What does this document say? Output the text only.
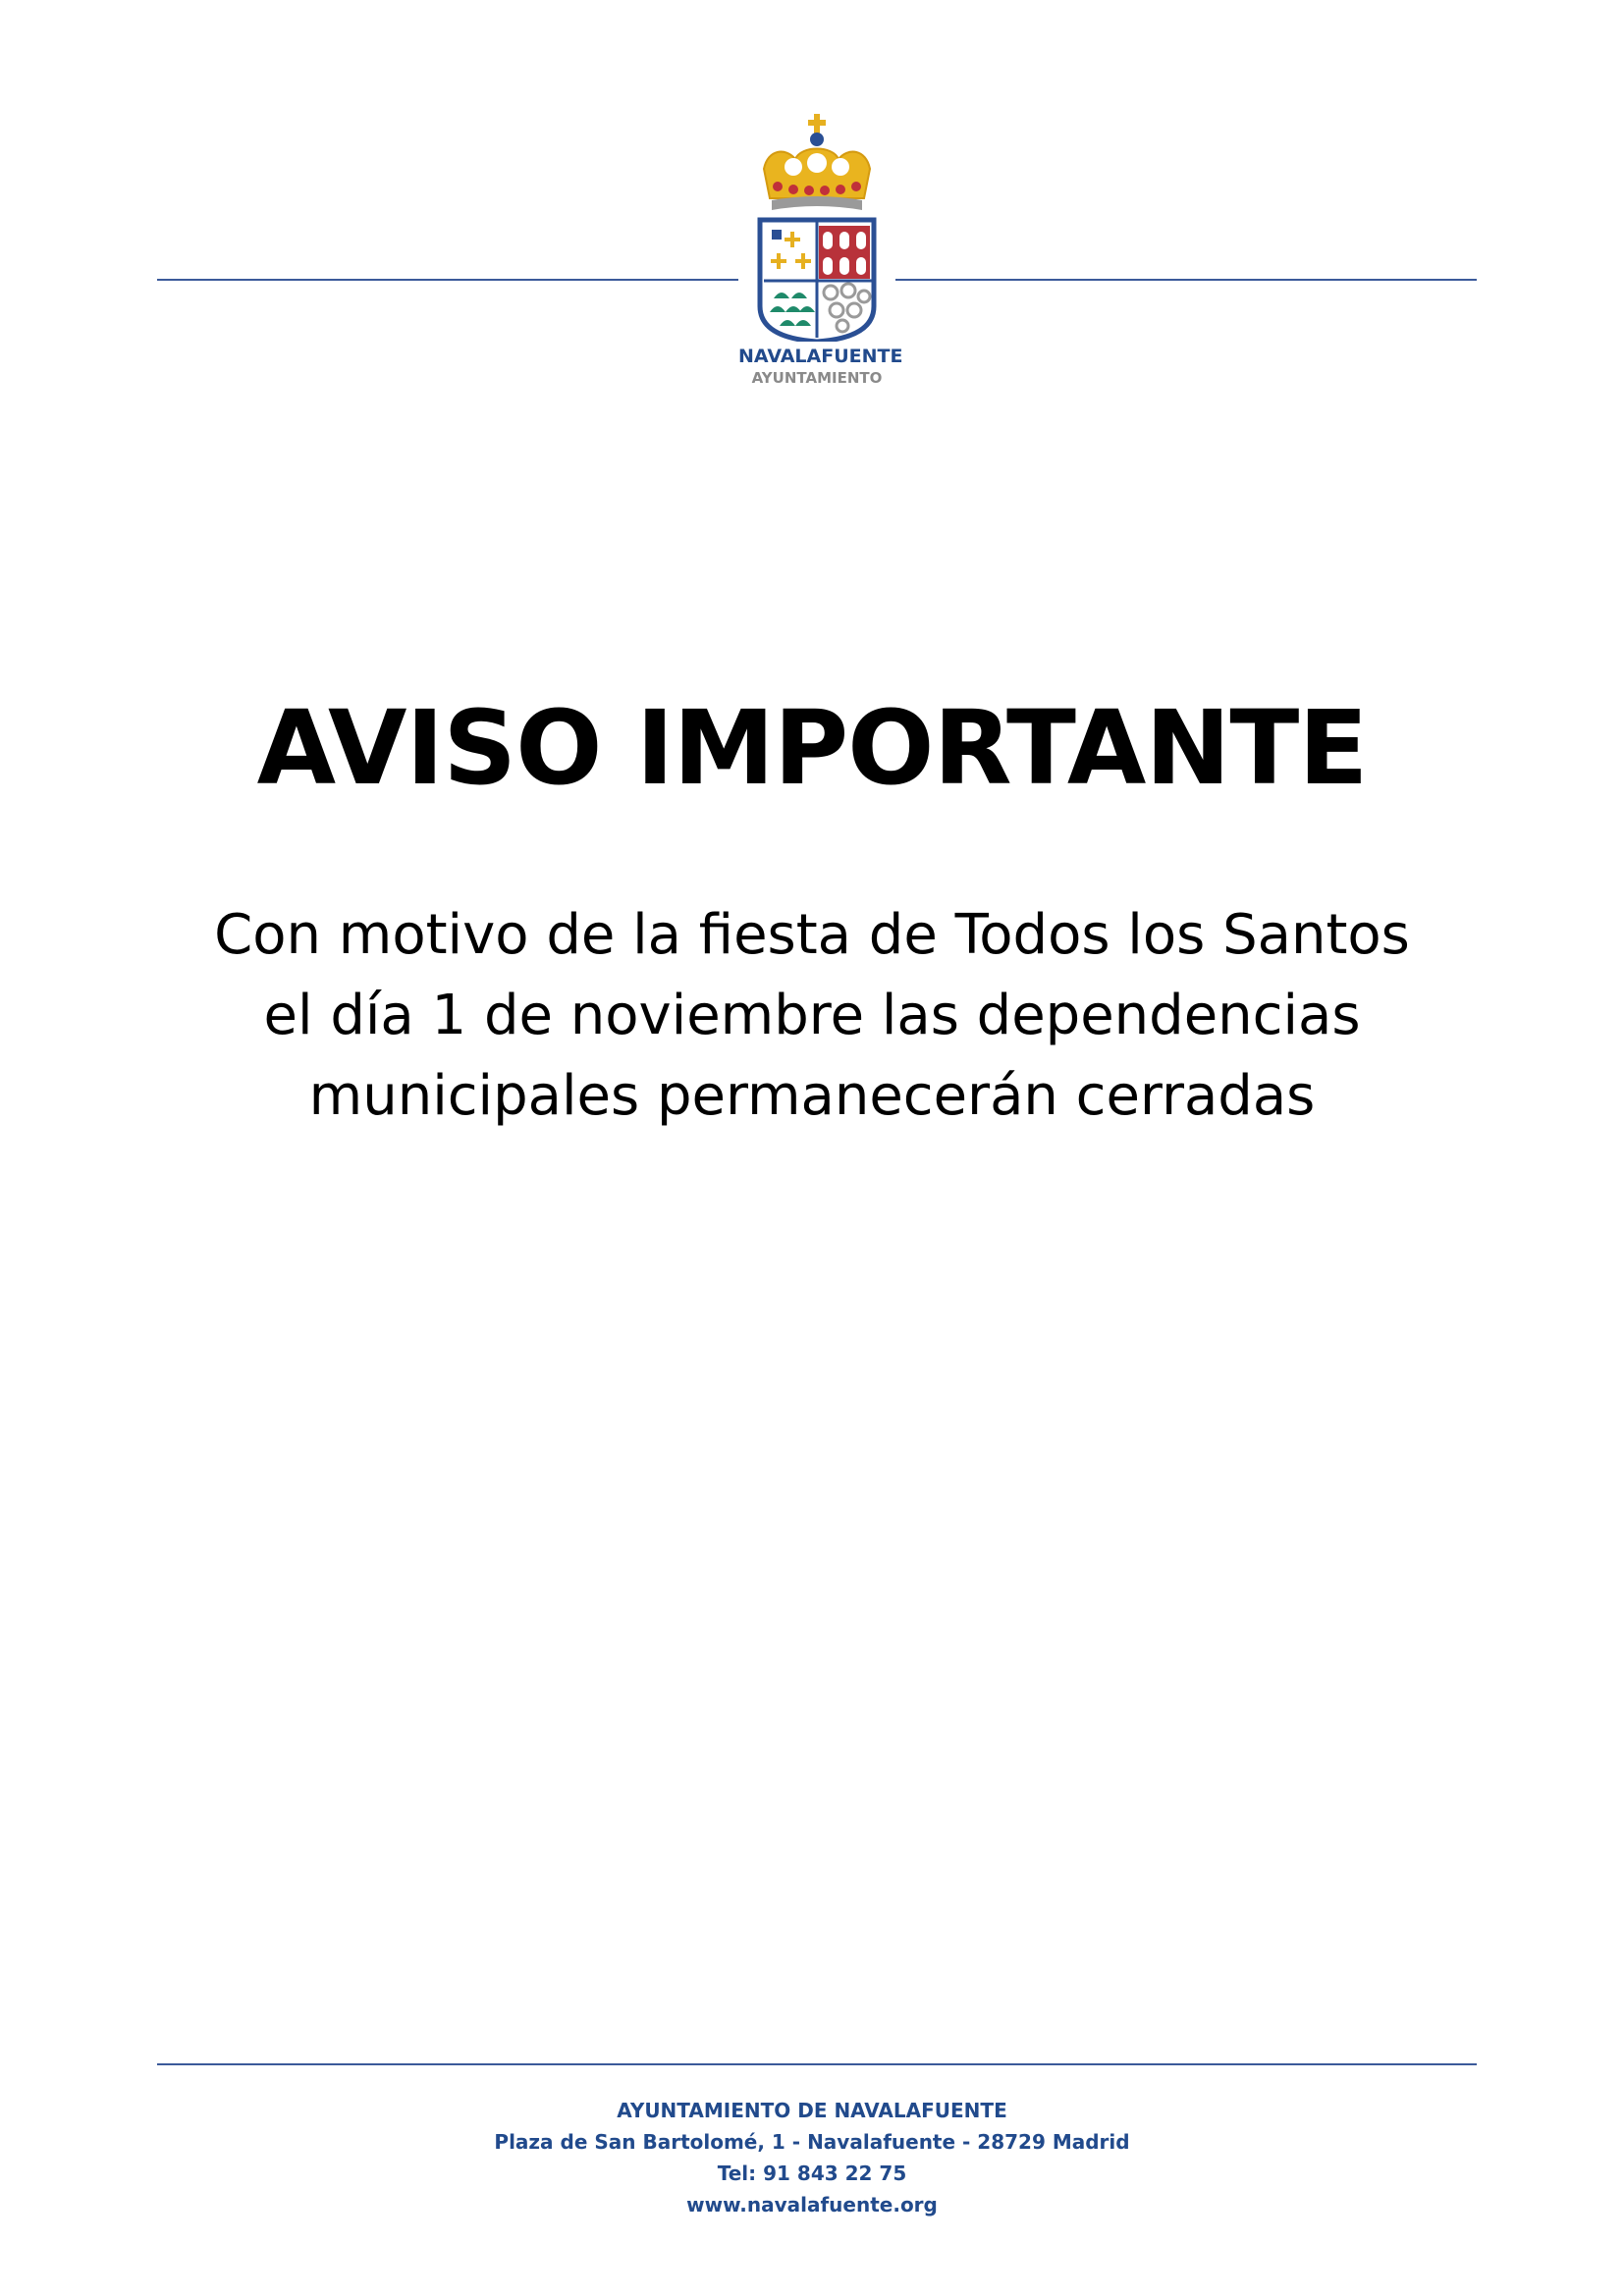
NAVALAFUENTE
AYUNTAMIENTO
AVISO IMPORTANTE
Con motivo de la fiesta de Todos los Santos
el día 1 de noviembre las dependencias
municipales permanecerán cerradas
AYUNTAMIENTO DE NAVALAFUENTE
Plaza de San Bartolomé, 1 - Navalafuente - 28729 Madrid
Tel: 91 843 22 75
www.navalafuente.org
